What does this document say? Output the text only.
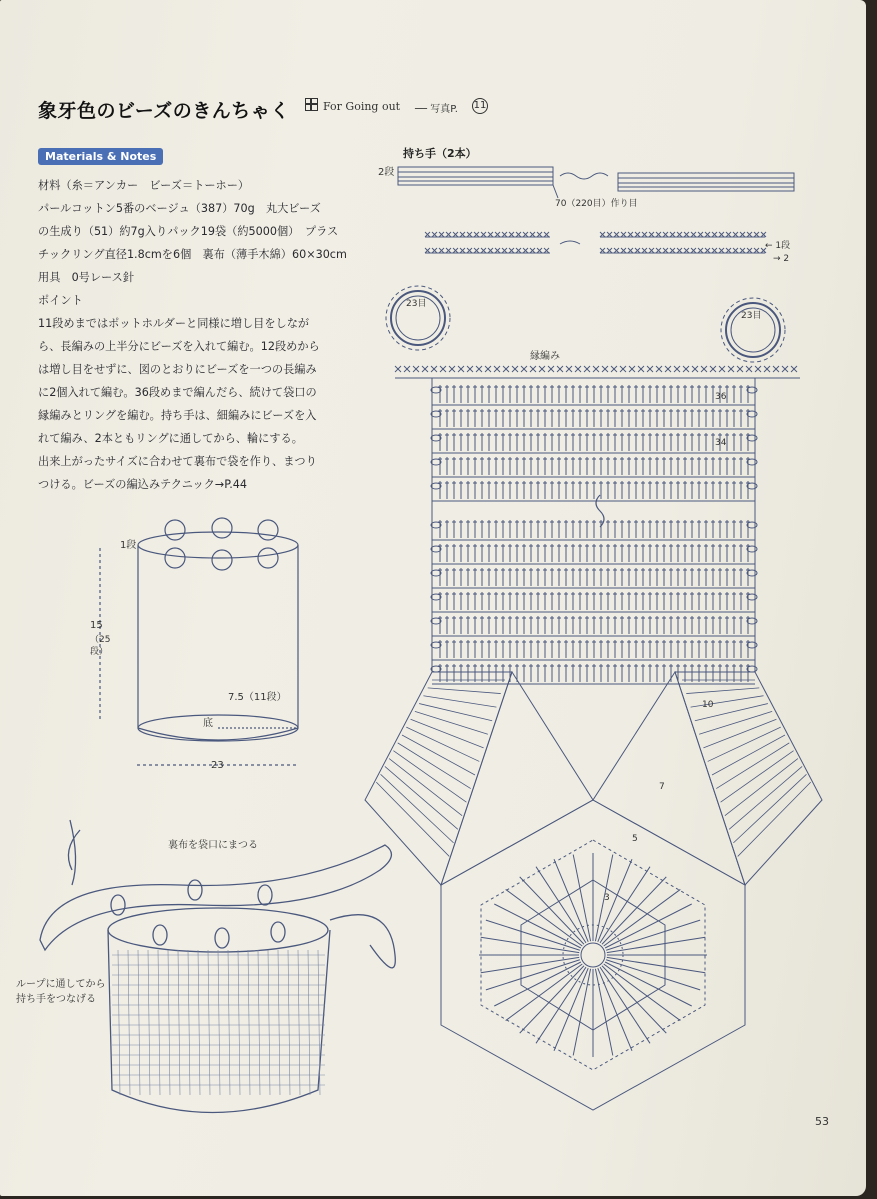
象牙色のビーズのきんちゃく	For Going out ── 写真P. 11
Materials & Notes

材料（糸＝アンカー　ビーズ＝トーホー）

パールコットン5番のベージュ（387）70g　丸大ビーズ

の生成り（51）約7g入りパック19袋（約5000個）　プラス

チックリング直径1.8cmを6個　裏布（薄手木綿）60×30cm

用具　0号レース針

ポイント

11段めまではポットホルダーと同様に増し目をしなが

ら、長編みの上半分にビーズを入れて編む。12段めから

は増し目をせずに、図のとおりにビーズを一つの長編み

に2個入れて編む。36段めまで編んだら、続けて袋口の

縁編みとリングを編む。持ち手は、細編みにビーズを入

れて編み、2本ともリングに通してから、輪にする。

出来上がったサイズに合わせて裏布で袋を作り、まつり

つける。ビーズの編込みテクニック→P.44

持ち手（2本）
2段
70（220目）作り目
← 1段
→ 2
23目
23目
縁編み
36
34
10
7
5
3
1段
15
（25段）
7.5（11段）
底
23
裏布を袋口にまつる
ループに通してから
持ち手をつなげる
53
